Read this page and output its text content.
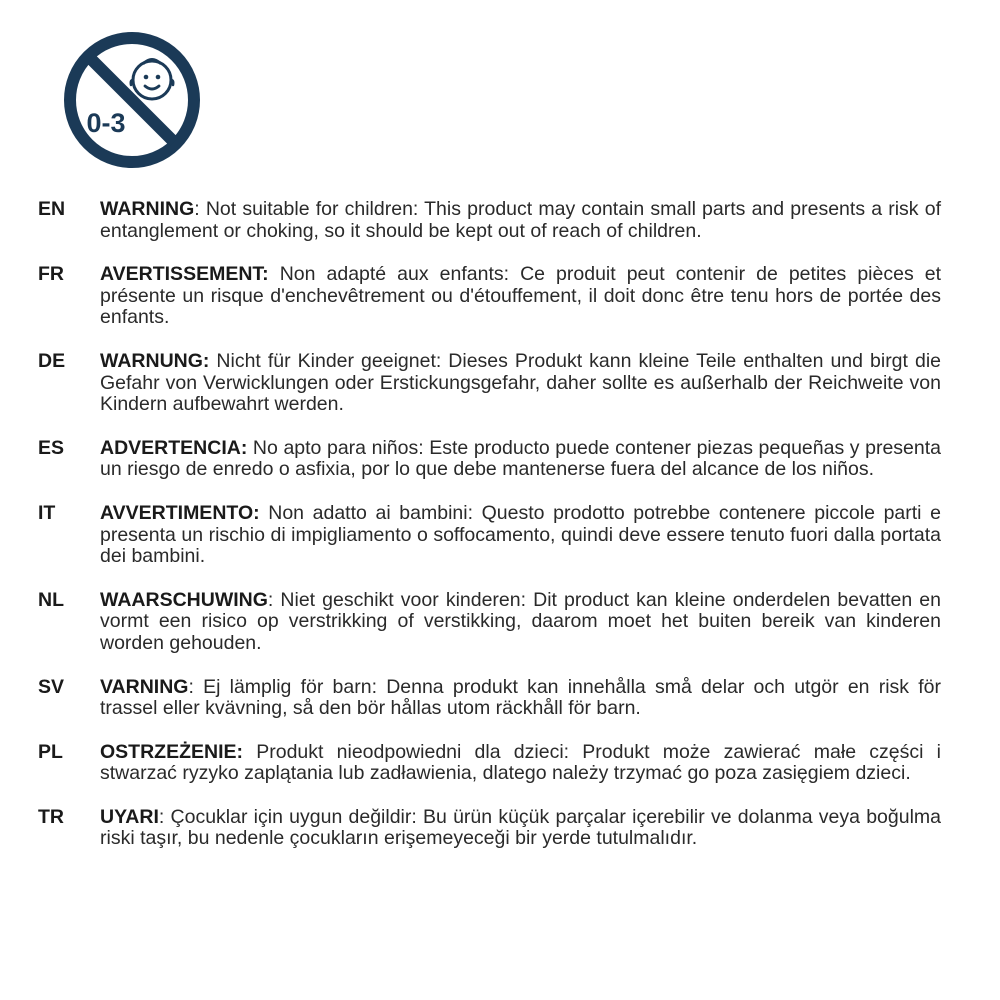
0-3
EN	WARNING: Not suitable for children: This product may contain small parts and presents a risk of entanglement or choking, so it should be kept out of reach of children.
FR	AVERTISSEMENT: Non adapté aux enfants: Ce produit peut contenir de petites pièces et présente un risque d'enchevêtrement ou d'étouffement, il doit donc être tenu hors de portée des enfants.
DE	WARNUNG: Nicht für Kinder geeignet: Dieses Produkt kann kleine Teile enthalten und birgt die Gefahr von Verwicklungen oder Erstickungsgefahr, daher sollte es außerhalb der Reichweite von Kindern aufbewahrt werden.
ES	ADVERTENCIA: No apto para niños: Este producto puede contener piezas pequeñas y presenta un riesgo de enredo o asfixia, por lo que debe mantenerse fuera del alcance de los niños.
IT	AVVERTIMENTO: Non adatto ai bambini: Questo prodotto potrebbe contenere piccole parti e presenta un rischio di impigliamento o soffocamento, quindi deve essere tenuto fuori dalla portata dei bambini.
NL	WAARSCHUWING: Niet geschikt voor kinderen: Dit product kan kleine onderdelen bevatten en vormt een risico op verstrikking of verstikking, daarom moet het buiten bereik van kinderen worden gehouden.
SV	VARNING: Ej lämplig för barn: Denna produkt kan innehålla små delar och utgör en risk för trassel eller kvävning, så den bör hållas utom räckhåll för barn.
PL	OSTRZEŻENIE: Produkt nieodpowiedni dla dzieci: Produkt może zawierać małe części i stwarzać ryzyko zaplątania lub zadławienia, dlatego należy trzymać go poza zasięgiem dzieci.
TR	UYARI: Çocuklar için uygun değildir: Bu ürün küçük parçalar içerebilir ve dolanma veya boğulma riski taşır, bu nedenle çocukların erişemeyeceği bir yerde tutulmalıdır.
